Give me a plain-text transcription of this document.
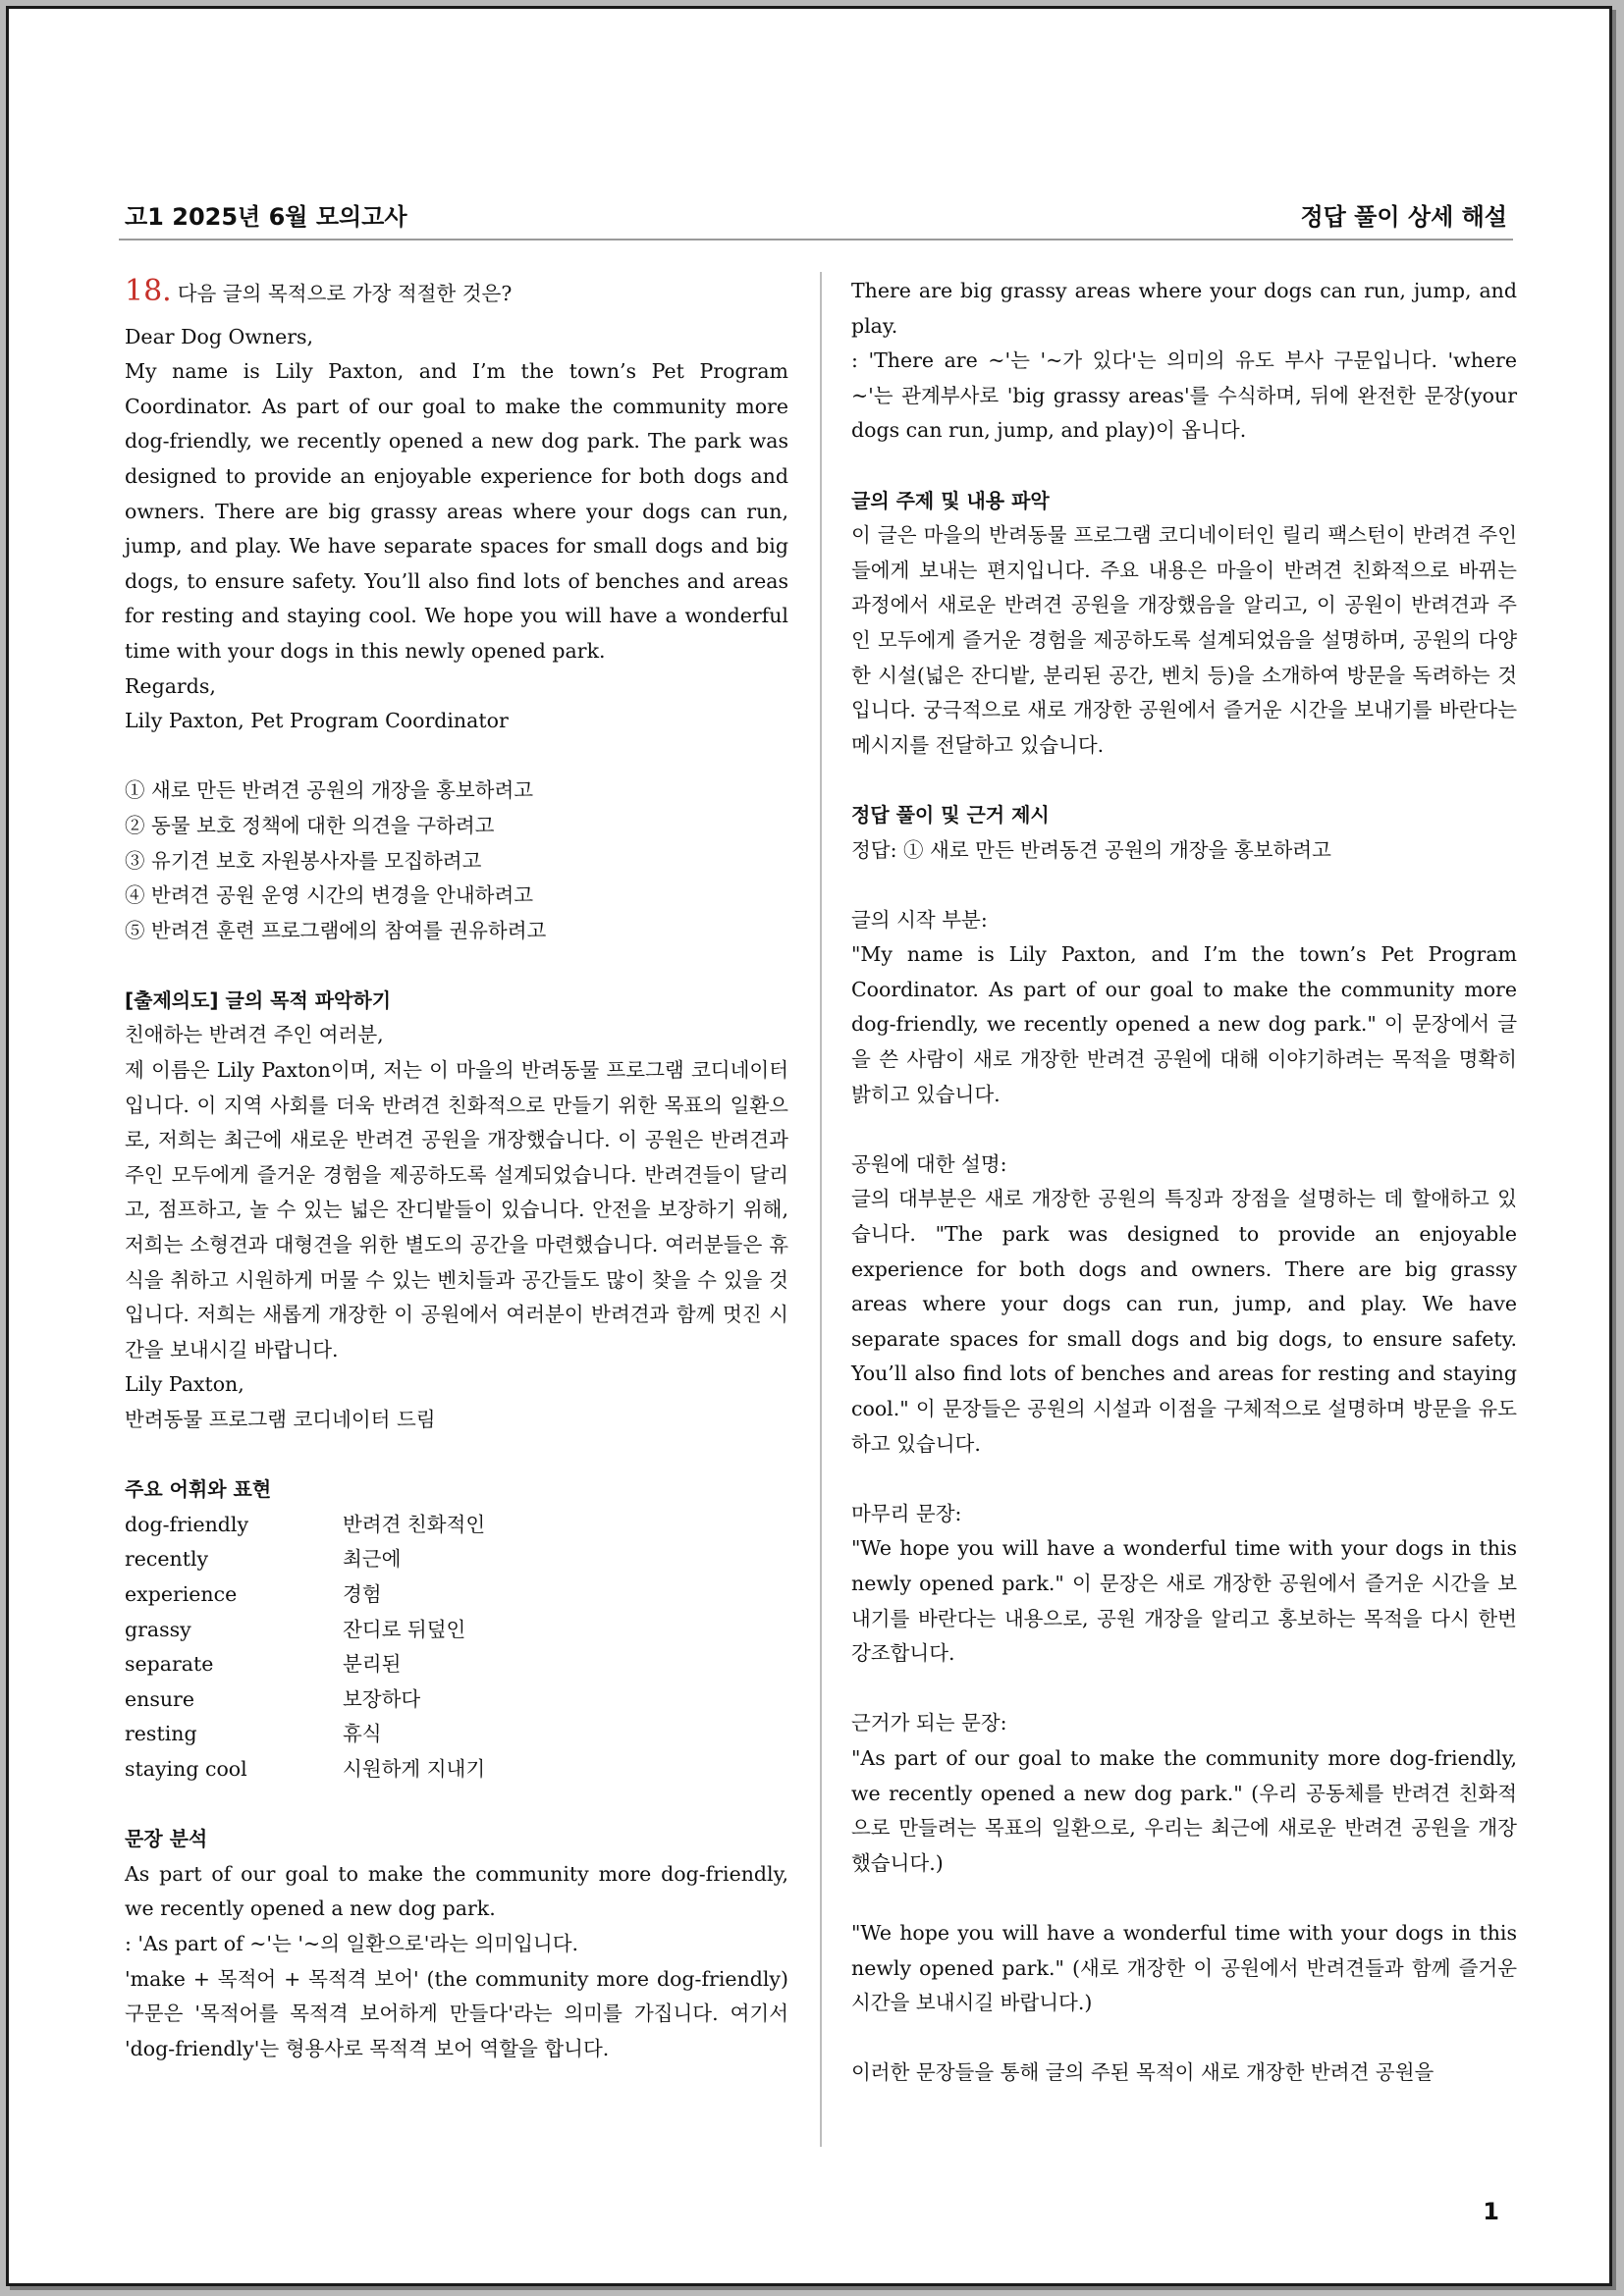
고1 2025년 6월 모의고사	정답 풀이 상세 해설

18. 다음 글의 목적으로 가장 적절한 것은?

Dear Dog Owners,

My name is Lily Paxton, and I’m the town’s Pet Program Coordinator. As part of our goal to make the community more dog-friendly, we recently opened a new dog park. The park was designed to provide an enjoyable experience for both dogs and owners. There are big grassy areas where your dogs can run, jump, and play. We have separate spaces for small dogs and big dogs, to ensure safety. You’ll also find lots of benches and areas for resting and staying cool. We hope you will have a wonderful time with your dogs in this newly opened park.

Regards,

Lily Paxton, Pet Program Coordinator

① 새로 만든 반려견 공원의 개장을 홍보하려고

② 동물 보호 정책에 대한 의견을 구하려고

③ 유기견 보호 자원봉사자를 모집하려고

④ 반려견 공원 운영 시간의 변경을 안내하려고

⑤ 반려견 훈련 프로그램에의 참여를 권유하려고

[출제의도] 글의 목적 파악하기

친애하는 반려견 주인 여러분,

제 이름은 Lily Paxton이며, 저는 이 마을의 반려동물 프로그램 코디네이터입니다. 이 지역 사회를 더욱 반려견 친화적으로 만들기 위한 목표의 일환으로, 저희는 최근에 새로운 반려견 공원을 개장했습니다. 이 공원은 반려견과 주인 모두에게 즐거운 경험을 제공하도록 설계되었습니다. 반려견들이 달리고, 점프하고, 놀 수 있는 넓은 잔디밭들이 있습니다. 안전을 보장하기 위해, 저희는 소형견과 대형견을 위한 별도의 공간을 마련했습니다. 여러분들은 휴식을 취하고 시원하게 머물 수 있는 벤치들과 공간들도 많이 찾을 수 있을 것입니다. 저희는 새롭게 개장한 이 공원에서 여러분이 반려견과 함께 멋진 시간을 보내시길 바랍니다.

Lily Paxton,

반려동물 프로그램 코디네이터 드림

주요 어휘와 표현

dog-friendly	반려견 친화적인
recently	최근에
experience	경험
grassy	잔디로 뒤덮인
separate	분리된
ensure	보장하다
resting	휴식
staying cool	시원하게 지내기

문장 분석

As part of our goal to make the community more dog-friendly, we recently opened a new dog park.

: 'As part of ~'는 '~의 일환으로'라는 의미입니다.

'make + 목적어 + 목적격 보어' (the community more dog-friendly) 구문은 '목적어를 목적격 보어하게 만들다'라는 의미를 가집니다. 여기서 'dog-friendly'는 형용사로 목적격 보어 역할을 합니다.

There are big grassy areas where your dogs can run, jump, and play.

: 'There are ~'는 '~가 있다'는 의미의 유도 부사 구문입니다. 'where ~'는 관계부사로 'big grassy areas'를 수식하며, 뒤에 완전한 문장(your dogs can run, jump, and play)이 옵니다.

글의 주제 및 내용 파악

이 글은 마을의 반려동물 프로그램 코디네이터인 릴리 팩스턴이 반려견 주인들에게 보내는 편지입니다. 주요 내용은 마을이 반려견 친화적으로 바뀌는 과정에서 새로운 반려견 공원을 개장했음을 알리고, 이 공원이 반려견과 주인 모두에게 즐거운 경험을 제공하도록 설계되었음을 설명하며, 공원의 다양한 시설(넓은 잔디밭, 분리된 공간, 벤치 등)을 소개하여 방문을 독려하는 것입니다. 궁극적으로 새로 개장한 공원에서 즐거운 시간을 보내기를 바란다는 메시지를 전달하고 있습니다.

정답 풀이 및 근거 제시

정답: ① 새로 만든 반려동견 공원의 개장을 홍보하려고

글의 시작 부분:

"My name is Lily Paxton, and I’m the town’s Pet Program Coordinator. As part of our goal to make the community more dog-friendly, we recently opened a new dog park." 이 문장에서 글을 쓴 사람이 새로 개장한 반려견 공원에 대해 이야기하려는 목적을 명확히 밝히고 있습니다.

공원에 대한 설명:

글의 대부분은 새로 개장한 공원의 특징과 장점을 설명하는 데 할애하고 있습니다. "The park was designed to provide an enjoyable experience for both dogs and owners. There are big grassy areas where your dogs can run, jump, and play. We have separate spaces for small dogs and big dogs, to ensure safety. You’ll also find lots of benches and areas for resting and staying cool." 이 문장들은 공원의 시설과 이점을 구체적으로 설명하며 방문을 유도하고 있습니다.

마무리 문장:

"We hope you will have a wonderful time with your dogs in this newly opened park." 이 문장은 새로 개장한 공원에서 즐거운 시간을 보내기를 바란다는 내용으로, 공원 개장을 알리고 홍보하는 목적을 다시 한번 강조합니다.

근거가 되는 문장:

"As part of our goal to make the community more dog-friendly, we recently opened a new dog park." (우리 공동체를 반려견 친화적으로 만들려는 목표의 일환으로, 우리는 최근에 새로운 반려견 공원을 개장했습니다.)

"We hope you will have a wonderful time with your dogs in this newly opened park." (새로 개장한 이 공원에서 반려견들과 함께 즐거운 시간을 보내시길 바랍니다.)

이러한 문장들을 통해 글의 주된 목적이 새로 개장한 반려견 공원을

1
